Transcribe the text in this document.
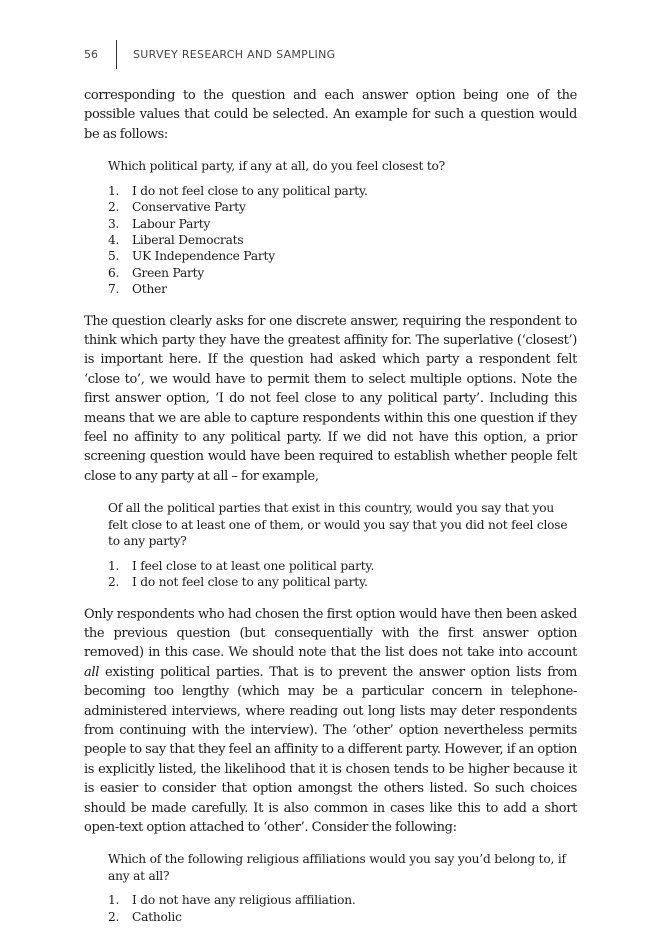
56	SURVEY RESEARCH AND SAMPLING

corresponding to the question and each answer option being one of the possible values that could be selected. An example for such a question would be as follows:

Which political party, if any at all, do you feel closest to?

1.	I do not feel close to any political party.
2.	Conservative Party
3.	Labour Party
4.	Liberal Democrats
5.	UK Independence Party
6.	Green Party
7.	Other

The question clearly asks for one discrete answer, requiring the respondent to think which party they have the greatest affinity for. The superlative (‘closest’) is important here. If the question had asked which party a respondent felt ‘close to’, we would have to permit them to select multiple options. Note the first answer option, ‘I do not feel close to any political party’. Including this means that we are able to capture respondents within this one question if they feel no affinity to any political party. If we did not have this option, a prior screening question would have been required to establish whether people felt close to any party at all – for example,

Of all the political parties that exist in this country, would you say that you felt close to at least one of them, or would you say that you did not feel close to any party?

1.	I feel close to at least one political party.
2.	I do not feel close to any political party.

Only respondents who had chosen the first option would have then been asked the previous question (but consequentially with the first answer option removed) in this case. We should note that the list does not take into account all existing political parties. That is to prevent the answer option lists from becoming too lengthy (which may be a particular concern in telephone-administered interviews, where reading out long lists may deter respondents from continuing with the interview). The ‘other’ option nevertheless permits people to say that they feel an affinity to a different party. However, if an option is explicitly listed, the likelihood that it is chosen tends to be higher because it is easier to consider that option amongst the others listed. So such choices should be made carefully. It is also common in cases like this to add a short open-text option attached to ‘other’. Consider the following:

Which of the following religious affiliations would you say you’d belong to, if any at all?

1.	I do not have any religious affiliation.
2.	Catholic
